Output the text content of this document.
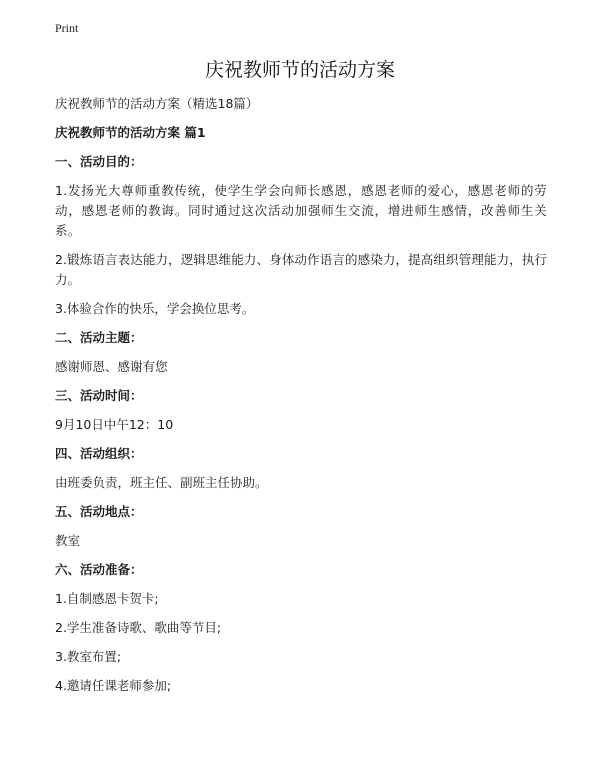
Print
庆祝教师节的活动方案

庆祝教师节的活动方案（精选18篇）

庆祝教师节的活动方案 篇1

一、活动目的：

1.发扬光大尊师重教传统，使学生学会向师长感恩，感恩老师的爱心，感恩老师的劳动，感恩老师的教诲。同时通过这次活动加强师生交流，增进师生感情，改善师生关系。

2.锻炼语言表达能力，逻辑思维能力、身体动作语言的感染力，提高组织管理能力，执行力。

3.体验合作的快乐，学会换位思考。

二、活动主题：

感谢师恩、感谢有您

三、活动时间：

9月10日中午12：10

四、活动组织：

由班委负责，班主任、副班主任协助。

五、活动地点：

教室

六、活动准备：

1.自制感恩卡贺卡;

2.学生准备诗歌、歌曲等节目;

3.教室布置;

4.邀请任课老师参加;
